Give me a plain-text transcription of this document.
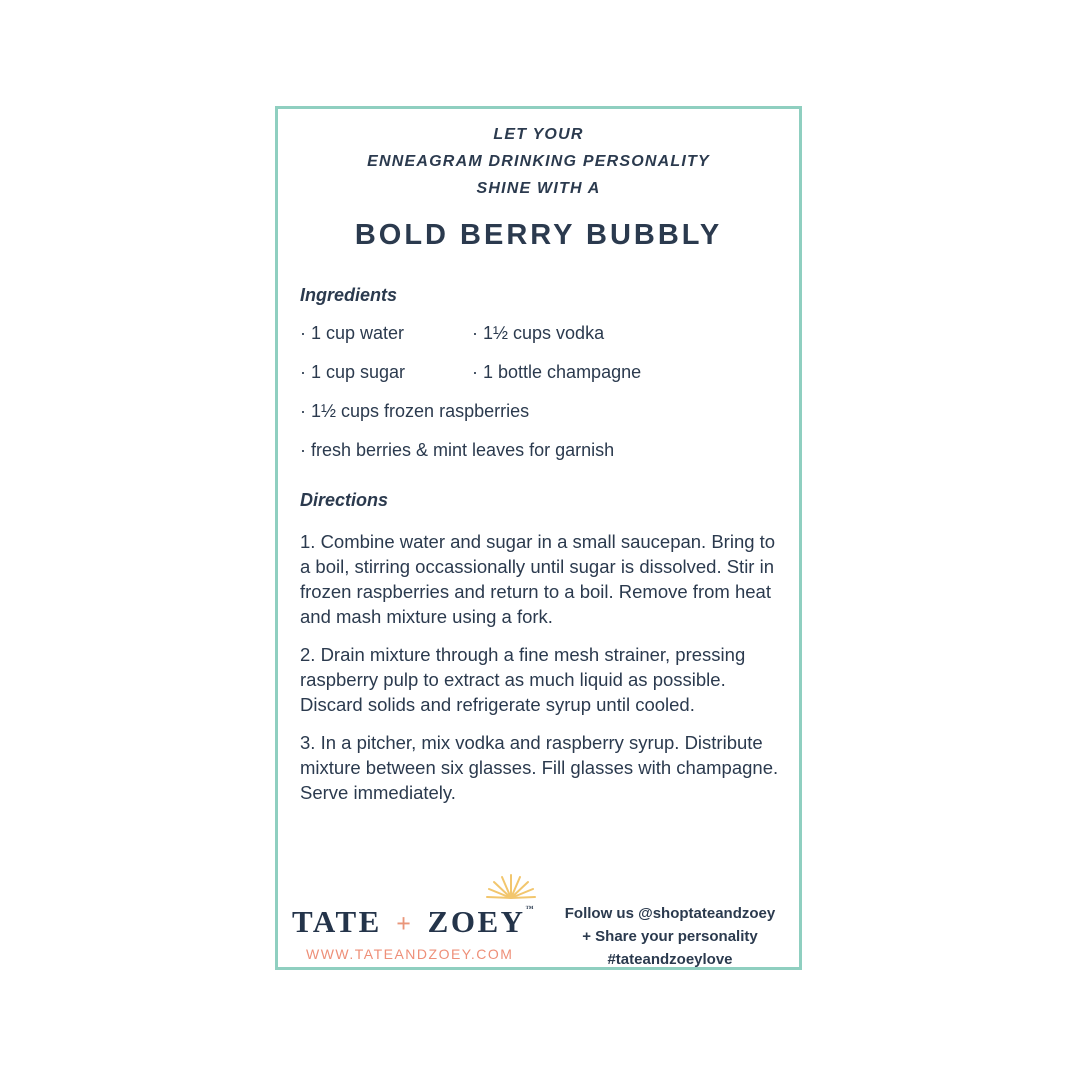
LET YOUR
ENNEAGRAM DRINKING PERSONALITY
SHINE WITH A
BOLD BERRY BUBBLY
Ingredients
· 1 cup water	· 1½ cups vodka
· 1 cup sugar	· 1 bottle champagne
· 1½ cups frozen raspberries
· fresh berries & mint leaves for garnish
Directions

1. Combine water and sugar in a small saucepan. Bring to a boil, stirring occassionally until sugar is dissolved. Stir in frozen raspberries and return to a boil. Remove from heat and mash mixture using a fork.

2. Drain mixture through a fine mesh strainer, pressing raspberry pulp to extract as much liquid as possible. Discard solids and refrigerate syrup until cooled.

3. In a pitcher, mix vodka and raspberry syrup. Distribute mixture between six glasses. Fill glasses with champagne. Serve immediately.

TATE + ZOEY™
WWW.TATEANDZOEY.COM
Follow us @shoptateandzoey
+ Share your personality
#tateandzoeylove
